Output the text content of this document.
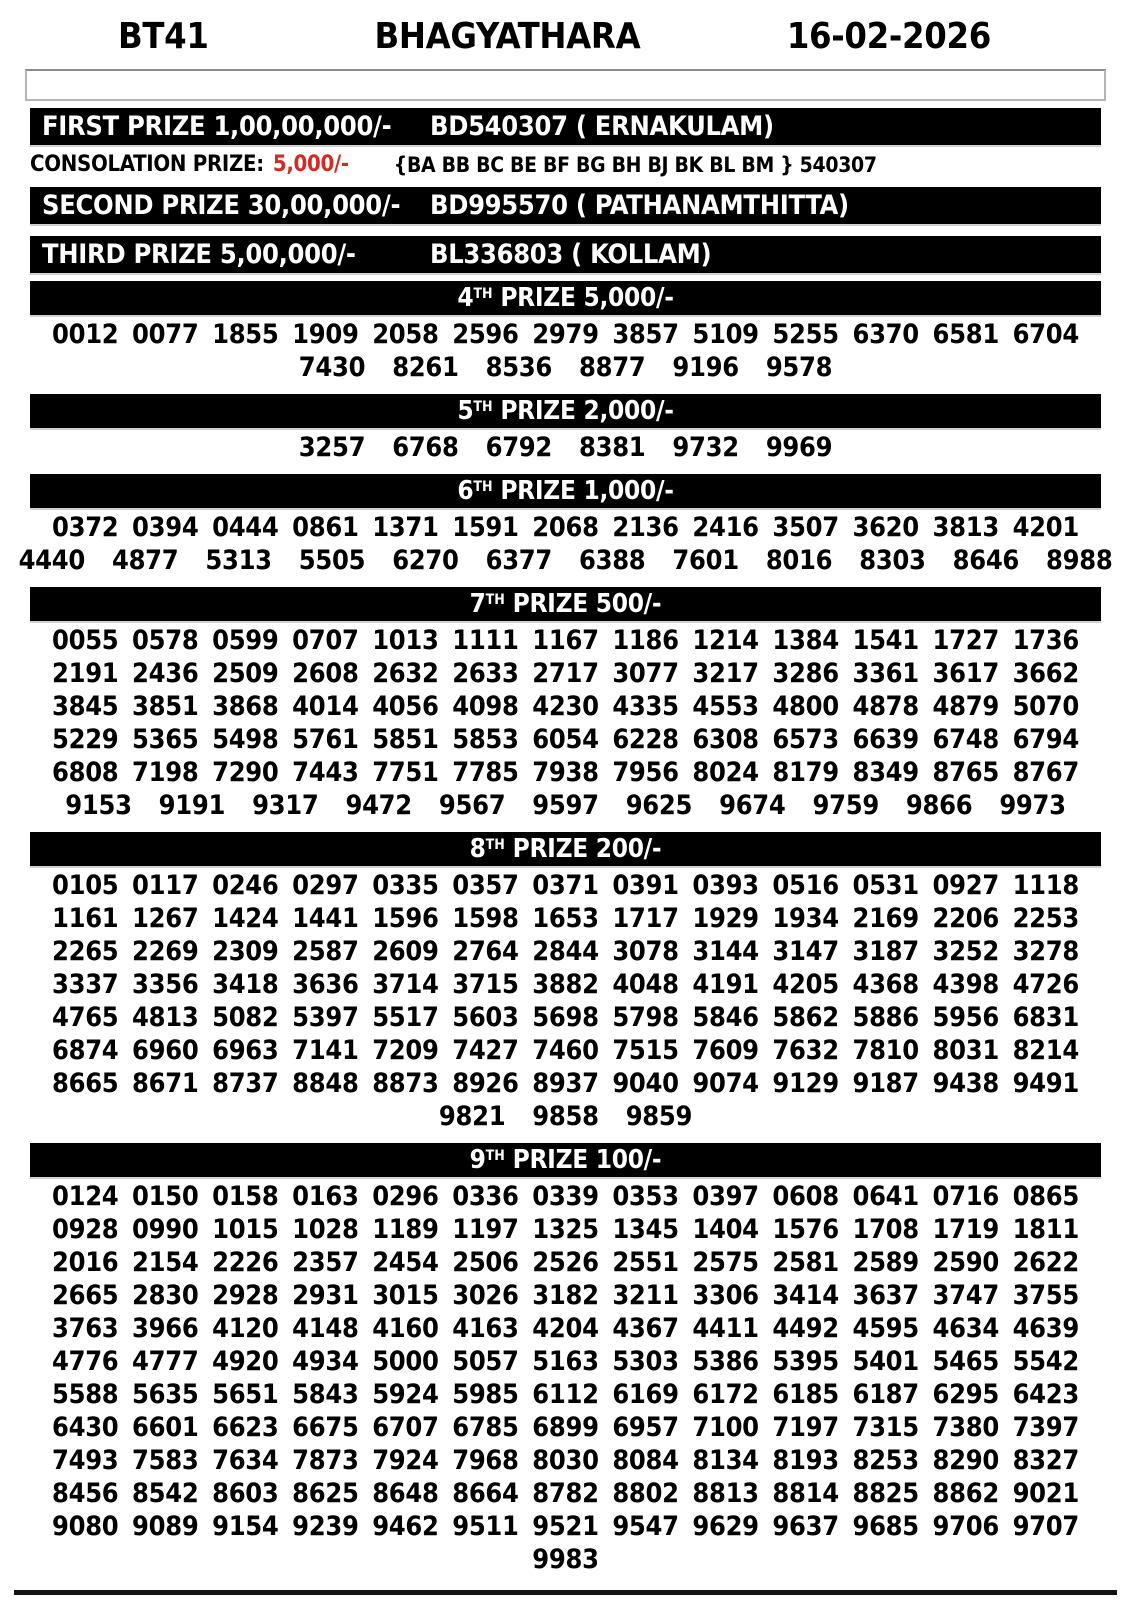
BT41	BHAGYATHARA	16-02-2026
FIRST PRIZE 1,00,00,000/-	BD540307 ( ERNAKULAM)
CONSOLATION PRIZE: 5,000/- {BA BB BC BE BF BG BH BJ BK BL BM } 540307
SECOND PRIZE 30,00,000/-	BD995570 ( PATHANAMTHITTA)
THIRD PRIZE 5,00,000/-	BL336803 ( KOLLAM)
4TH PRIZE 5,000/-
0012 0077 1855 1909 2058 2596 2979 3857 5109 5255 6370 6581 6704
7430 8261 8536 8877 9196 9578
5TH PRIZE 2,000/-
3257 6768 6792 8381 9732 9969
6TH PRIZE 1,000/-
0372 0394 0444 0861 1371 1591 2068 2136 2416 3507 3620 3813 4201
4440 4877 5313 5505 6270 6377 6388 7601 8016 8303 8646 8988
7TH PRIZE 500/-
0055 0578 0599 0707 1013 1111 1167 1186 1214 1384 1541 1727 1736
2191 2436 2509 2608 2632 2633 2717 3077 3217 3286 3361 3617 3662
3845 3851 3868 4014 4056 4098 4230 4335 4553 4800 4878 4879 5070
5229 5365 5498 5761 5851 5853 6054 6228 6308 6573 6639 6748 6794
6808 7198 7290 7443 7751 7785 7938 7956 8024 8179 8349 8765 8767
9153 9191 9317 9472 9567 9597 9625 9674 9759 9866 9973
8TH PRIZE 200/-
0105 0117 0246 0297 0335 0357 0371 0391 0393 0516 0531 0927 1118
1161 1267 1424 1441 1596 1598 1653 1717 1929 1934 2169 2206 2253
2265 2269 2309 2587 2609 2764 2844 3078 3144 3147 3187 3252 3278
3337 3356 3418 3636 3714 3715 3882 4048 4191 4205 4368 4398 4726
4765 4813 5082 5397 5517 5603 5698 5798 5846 5862 5886 5956 6831
6874 6960 6963 7141 7209 7427 7460 7515 7609 7632 7810 8031 8214
8665 8671 8737 8848 8873 8926 8937 9040 9074 9129 9187 9438 9491
9821 9858 9859
9TH PRIZE 100/-
0124 0150 0158 0163 0296 0336 0339 0353 0397 0608 0641 0716 0865
0928 0990 1015 1028 1189 1197 1325 1345 1404 1576 1708 1719 1811
2016 2154 2226 2357 2454 2506 2526 2551 2575 2581 2589 2590 2622
2665 2830 2928 2931 3015 3026 3182 3211 3306 3414 3637 3747 3755
3763 3966 4120 4148 4160 4163 4204 4367 4411 4492 4595 4634 4639
4776 4777 4920 4934 5000 5057 5163 5303 5386 5395 5401 5465 5542
5588 5635 5651 5843 5924 5985 6112 6169 6172 6185 6187 6295 6423
6430 6601 6623 6675 6707 6785 6899 6957 7100 7197 7315 7380 7397
7493 7583 7634 7873 7924 7968 8030 8084 8134 8193 8253 8290 8327
8456 8542 8603 8625 8648 8664 8782 8802 8813 8814 8825 8862 9021
9080 9089 9154 9239 9462 9511 9521 9547 9629 9637 9685 9706 9707
9983
